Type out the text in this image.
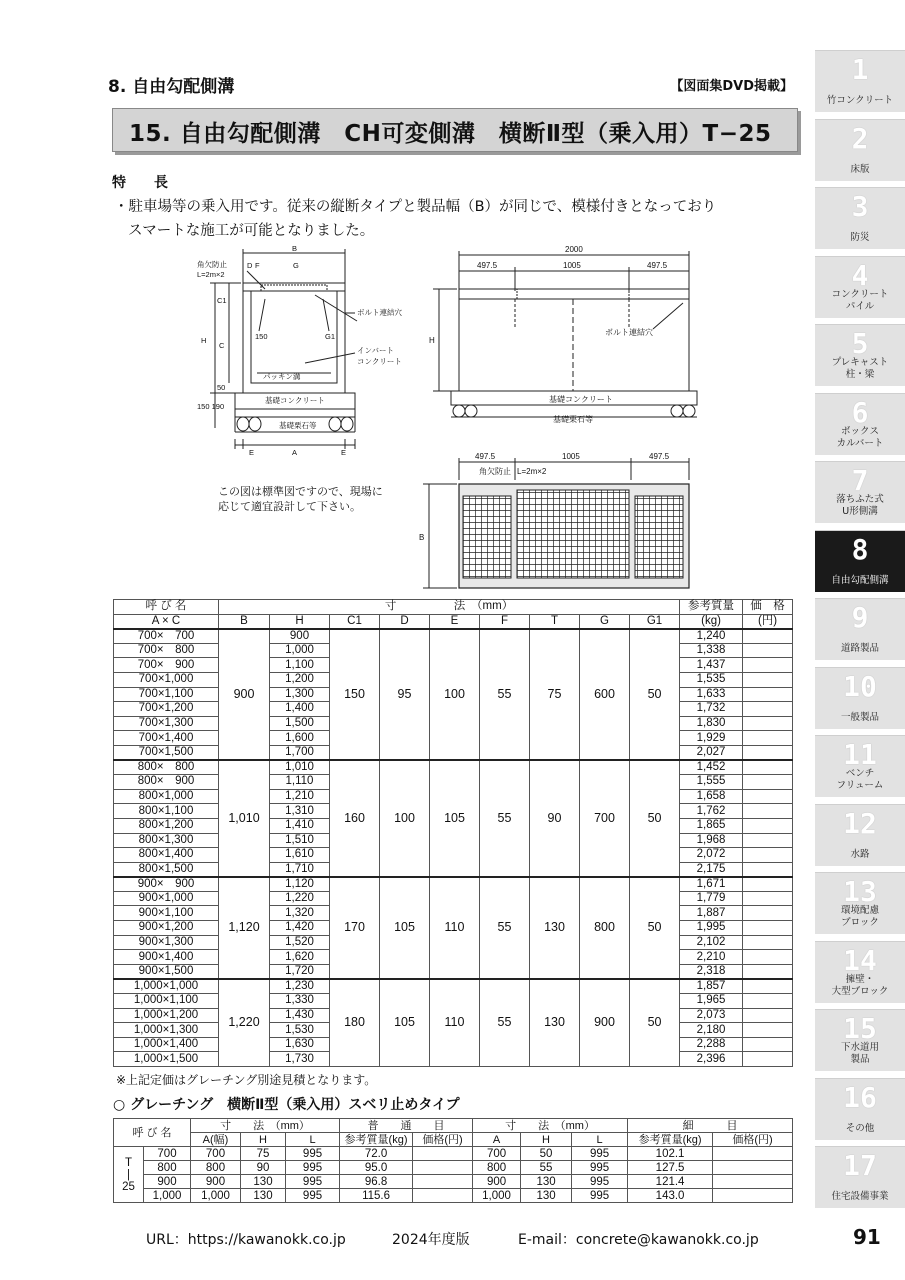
8. 自由勾配側溝	【図面集DVD掲載】
15. 自由勾配側溝　CH可変側溝　横断Ⅱ型（乗入用）T−25
特　　長
・駐車場等の乗入用です。従来の縦断タイプと製品幅（B）が同じで、模様付きとなっており
スマートな施工が可能となりました。
B
D F	G
角欠防止
L=2m×2
C1
C
H	150	G1
ボルト連結穴
インバート
コンクリート
パッキン溝
50
150 190
基礎コンクリート
基礎栗石等
E	A	E
2000
497.5	1005	497.5
H
ボルト連結穴
基礎コンクリート
基礎栗石等
497.5	1005	497.5
角欠防止 L=2m×2
B
この図は標準図ですので、現場に
応じて適宜設計して下さい。
呼 び 名	寸　　　　　法　（mm）									参考質量	価　格
A × C	B	H	C1	D	E	F	T	G	G1	(kg)	(円)
700×　700	900	900	150	95	100	55	75	600	50	1,240	
700×　800		1,000								1,338	
700×　900		1,100								1,437	
700×1,000		1,200								1,535	
700×1,100		1,300								1,633	
700×1,200		1,400								1,732	
700×1,300		1,500								1,830	
700×1,400		1,600								1,929	
700×1,500		1,700								2,027	
800×　800	1,010	1,010	160	100	105	55	90	700	50	1,452	
800×　900		1,110								1,555	
800×1,000		1,210								1,658	
800×1,100		1,310								1,762	
800×1,200		1,410								1,865	
800×1,300		1,510								1,968	
800×1,400		1,610								2,072	
800×1,500		1,710								2,175	
900×　900	1,120	1,120	170	105	110	55	130	800	50	1,671	
900×1,000		1,220								1,779	
900×1,100		1,320								1,887	
900×1,200		1,420								1,995	
900×1,300		1,520								2,102	
900×1,400		1,620								2,210	
900×1,500		1,720								2,318	
1,000×1,000	1,220	1,230	180	105	110	55	130	900	50	1,857	
1,000×1,100		1,330								1,965	
1,000×1,200		1,430								2,073	
1,000×1,300		1,530								2,180	
1,000×1,400		1,630								2,288	
1,000×1,500		1,730								2,396	
※上記定価はグレーチング別途見積となります。
○ グレーチング　横断Ⅱ型（乗入用）スベリ止めタイプ
呼 び 名		寸　　法　（mm）			普　　通　　目		寸　　法　（mm）			細　　　目	
		A(幅)	H	L	参考質量(kg)	価格(円)	A	H	L	参考質量(kg)	価格(円)
T
|
25	700	700	75	995	72.0		700	50	995	102.1	
	800	800	90	995	95.0		800	55	995	127.5	
	900	900	130	995	96.8		900	130	995	121.4	
	1,000	1,000	130	995	115.6		1,000	130	995	143.0	
1
竹コンクリート
2
床版
3
防災
4
コンクリート
パイル
5
プレキャスト
柱・梁
6
ボックス
カルバート
7
落ちふた式
U形側溝
8
自由勾配側溝
9
道路製品
10
一般製品
11
ベンチ
フリューム
12
水路
13
環境配慮
ブロック
14
擁壁・
大型ブロック
15
下水道用
製品
16
その他
17
住宅設備事業
URL：https://kawanokk.co.jp	2024年度版	E-mail：concrete@kawanokk.co.jp	91
